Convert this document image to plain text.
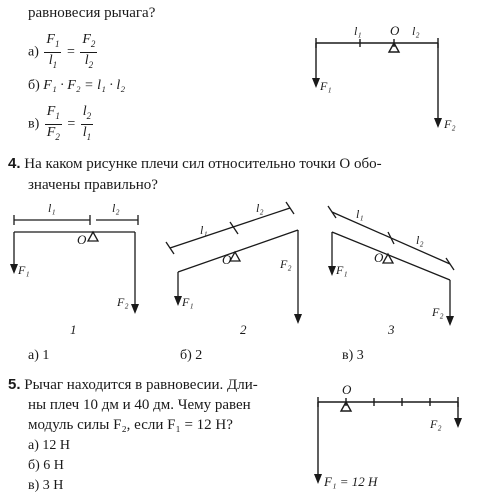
равновесия рычага?
$а) \frac{F_1}{l_1} = \frac{F_2}{l_2}$
б) F₁ · F₂ = l₁ · l₂
$в) \frac{F_1}{F_2} = \frac{l_2}{l_1}$
l₁ O l₂
F₁
F₂
4. На каком рисунке плечи сил относительно точки O обо-
значены правильно?
l₁	l₂
O
F₁
F₂
1
l₁
l₂
O
F₁
F₂
2
l₁
l₂
O
F₁
F₂
3
а) 1	б) 2	в) 3
5. Рычаг находится в равновесии. Дли-
ны плеч 10 дм и 40 дм. Чему равен
модуль силы F₂, если F₁ = 12 Н?
а) 12 Н
б) 6 Н
в) 3 Н
O
F₂
F₁ = 12 Н
